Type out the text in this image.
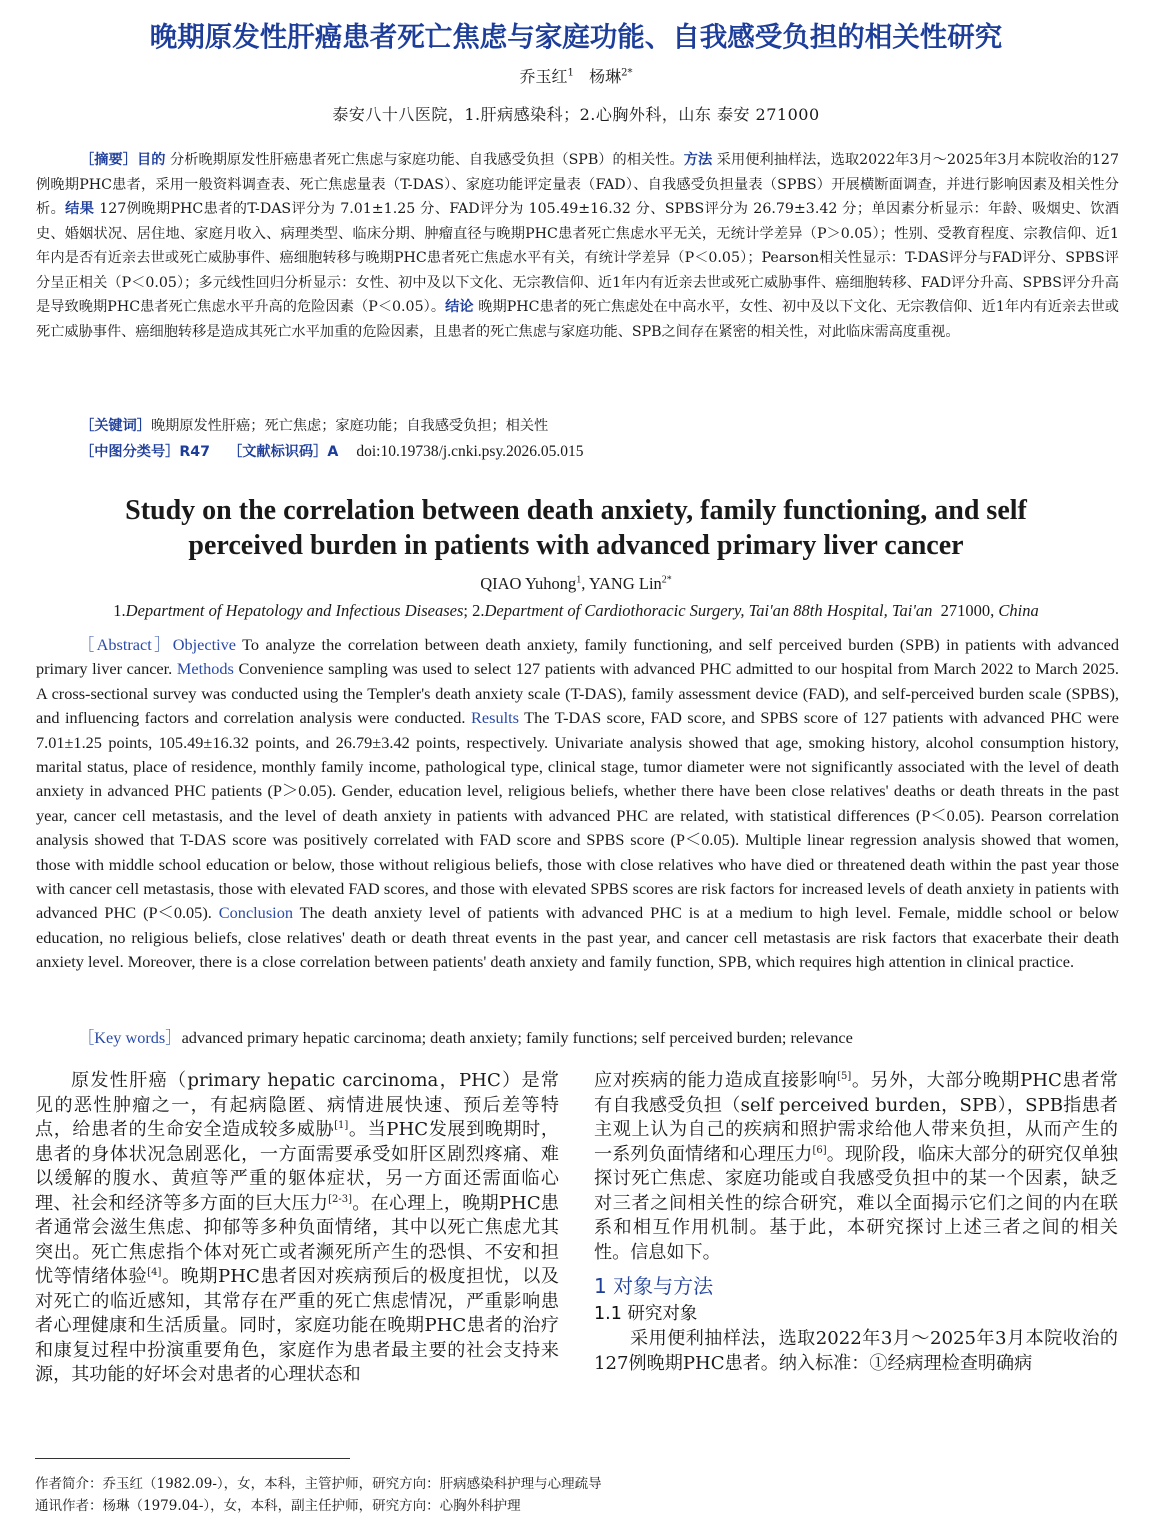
晚期原发性肝癌患者死亡焦虑与家庭功能、自我感受负担的相关性研究
乔玉红$^1$ 杨琳$^{2*}$
泰安八十八医院，1.肝病感染科；2.心胸外科，山东 泰安 271000
［摘要］目的 分析晚期原发性肝癌患者死亡焦虑与家庭功能、自我感受负担（SPB）的相关性。方法 采用便利抽样法，选取2022年3月～2025年3月本院收治的127例晚期PHC患者，采用一般资料调查表、死亡焦虑量表（T-DAS）、家庭功能评定量表（FAD）、自我感受负担量表（SPBS）开展横断面调查，并进行影响因素及相关性分析。结果 127例晚期PHC患者的T-DAS评分为 7.01±1.25 分、FAD评分为 105.49±16.32 分、SPBS评分为 26.79±3.42 分；单因素分析显示：年龄、吸烟史、饮酒史、婚姻状况、居住地、家庭月收入、病理类型、临床分期、肿瘤直径与晚期PHC患者死亡焦虑水平无关，无统计学差异（P＞0.05）；性别、受教育程度、宗教信仰、近1年内是否有近亲去世或死亡威胁事件、癌细胞转移与晚期PHC患者死亡焦虑水平有关，有统计学差异（P＜0.05）；Pearson相关性显示：T-DAS评分与FAD评分、SPBS评分呈正相关（P＜0.05）；多元线性回归分析显示：女性、初中及以下文化、无宗教信仰、近1年内有近亲去世或死亡威胁事件、癌细胞转移、FAD评分升高、SPBS评分升高是导致晚期PHC患者死亡焦虑水平升高的危险因素（P＜0.05）。结论 晚期PHC患者的死亡焦虑处在中高水平，女性、初中及以下文化、无宗教信仰、近1年内有近亲去世或死亡威胁事件、癌细胞转移是造成其死亡水平加重的危险因素，且患者的死亡焦虑与家庭功能、SPB之间存在紧密的相关性，对此临床需高度重视。
［关键词］晚期原发性肝癌；死亡焦虑；家庭功能；自我感受负担；相关性
［中图分类号］R47 ［文献标识码］A doi:10.19738/j.cnki.psy.2026.05.015
Study on the correlation between death anxiety, family functioning, and self
perceived burden in patients with advanced primary liver cancer
QIAO Yuhong$^1$, YANG Lin$^{2*}$
1.Department of Hepatology and Infectious Diseases; 2.Department of Cardiothoracic Surgery, Tai'an 88th Hospital, Tai'an  271000, China
［Abstract］Objective To analyze the correlation between death anxiety, family functioning, and self perceived burden (SPB) in patients with advanced primary liver cancer. Methods Convenience sampling was used to select 127 patients with advanced PHC admitted to our hospital from March 2022 to March 2025. A cross-sectional survey was conducted using the Templer's death anxiety scale (T-DAS), family assessment device (FAD), and self-perceived burden scale (SPBS), and influencing factors and correlation analysis were conducted. Results The T-DAS score, FAD score, and SPBS score of 127 patients with advanced PHC were 7.01±1.25 points, 105.49±16.32 points, and 26.79±3.42 points, respectively. Univariate analysis showed that age, smoking history, alcohol consumption history, marital status, place of residence, monthly family income, pathological type, clinical stage, tumor diameter were not significantly associated with the level of death anxiety in advanced PHC patients (P＞0.05). Gender, education level, religious beliefs, whether there have been close relatives' deaths or death threats in the past year, cancer cell metastasis, and the level of death anxiety in patients with advanced PHC are related, with statistical differences (P＜0.05). Pearson correlation analysis showed that T-DAS score was positively correlated with FAD score and SPBS score (P＜0.05). Multiple linear regression analysis showed that women, those with middle school education or below, those without religious beliefs, those with close relatives who have died or threatened death within the past year those with cancer cell metastasis, those with elevated FAD scores, and those with elevated SPBS scores are risk factors for increased levels of death anxiety in patients with advanced PHC (P＜0.05). Conclusion The death anxiety level of patients with advanced PHC is at a medium to high level. Female, middle school or below education, no religious beliefs, close relatives' death or death threat events in the past year, and cancer cell metastasis are risk factors that exacerbate their death anxiety level. Moreover, there is a close correlation between patients' death anxiety and family function, SPB, which requires high attention in clinical practice.
［Key words］advanced primary hepatic carcinoma; death anxiety; family functions; self perceived burden; relevance

原发性肝癌（primary hepatic carcinoma，PHC）是常见的恶性肿瘤之一，有起病隐匿、病情进展快速、预后差等特点，给患者的生命安全造成较多威胁[1]。当PHC发展到晚期时，患者的身体状况急剧恶化，一方面需要承受如肝区剧烈疼痛、难以缓解的腹水、黄疸等严重的躯体症状，另一方面还需面临心理、社会和经济等多方面的巨大压力[2-3]。在心理上，晚期PHC患者通常会滋生焦虑、抑郁等多种负面情绪，其中以死亡焦虑尤其突出。死亡焦虑指个体对死亡或者濒死所产生的恐惧、不安和担忧等情绪体验[4]。晚期PHC患者因对疾病预后的极度担忧，以及对死亡的临近感知，其常存在严重的死亡焦虑情况，严重影响患者心理健康和生活质量。同时，家庭功能在晚期PHC患者的治疗和康复过程中扮演重要角色，家庭作为患者最主要的社会支持来源，其功能的好坏会对患者的心理状态和

应对疾病的能力造成直接影响[5]。另外，大部分晚期PHC患者常有自我感受负担（self perceived burden，SPB），SPB指患者主观上认为自己的疾病和照护需求给他人带来负担，从而产生的一系列负面情绪和心理压力[6]。现阶段，临床大部分的研究仅单独探讨死亡焦虑、家庭功能或自我感受负担中的某一个因素，缺乏对三者之间相关性的综合研究，难以全面揭示它们之间的内在联系和相互作用机制。基于此，本研究探讨上述三者之间的相关性。信息如下。

1 对象与方法
1.1 研究对象

采用便利抽样法，选取2022年3月～2025年3月本院收治的127例晚期PHC患者。纳入标准：①经病理检查明确病

作者简介：乔玉红（1982.09-），女，本科，主管护师，研究方向：肝病感染科护理与心理疏导
通讯作者：杨琳（1979.04-），女，本科，副主任护师，研究方向：心胸外科护理
